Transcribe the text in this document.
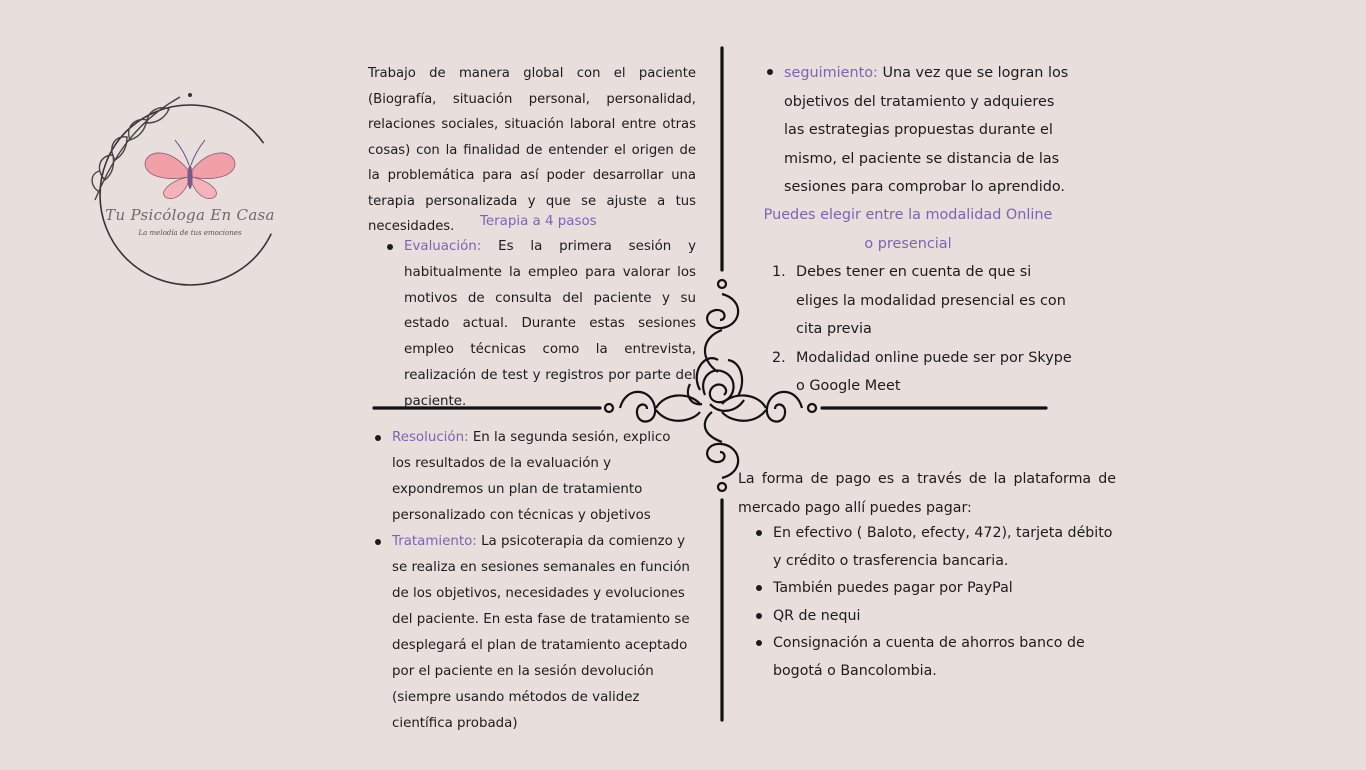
Tu Psicóloga En Casa
La melodía de tus emociones
Trabajo de manera global con el paciente (Biografía, situación personal, personalidad, relaciones sociales, situación laboral entre otras cosas) con la finalidad de entender el origen de la problemática para así poder desarrollar una terapia personalizada y que se ajuste a tus necesidades.	Terapia a 4 pasos
Evaluación: Es la primera sesión y habitualmente la empleo para valorar los motivos de consulta del paciente y su estado actual. Durante estas sesiones empleo técnicas como la entrevista, realización de test y registros por parte del paciente.
Resolución: En la segunda sesión, explico los resultados de la evaluación y expondremos un plan de tratamiento personalizado con técnicas y objetivos
Tratamiento: La psicoterapia da comienzo y se realiza en sesiones semanales en función de los objetivos, necesidades y evoluciones del paciente. En esta fase de tratamiento se desplegará el plan de tratamiento aceptado por el paciente en la sesión devolución (siempre usando métodos de validez científica probada)
seguimiento: Una vez que se logran los objetivos del tratamiento y adquieres las estrategias propuestas durante el mismo, el paciente se distancia de las sesiones para comprobar lo aprendido.
Puedes elegir entre la modalidad Online o presencial
1. Debes tener en cuenta de que si eliges la modalidad presencial es con cita previa
2. Modalidad online puede ser por Skype o Google Meet
La forma de pago es a través de la plataforma de mercado pago allí puedes pagar:
En efectivo ( Baloto, efecty, 472), tarjeta débito y crédito o trasferencia bancaria.
También puedes pagar por PayPal
QR de nequi
Consignación a cuenta de ahorros banco de bogotá o Bancolombia.
